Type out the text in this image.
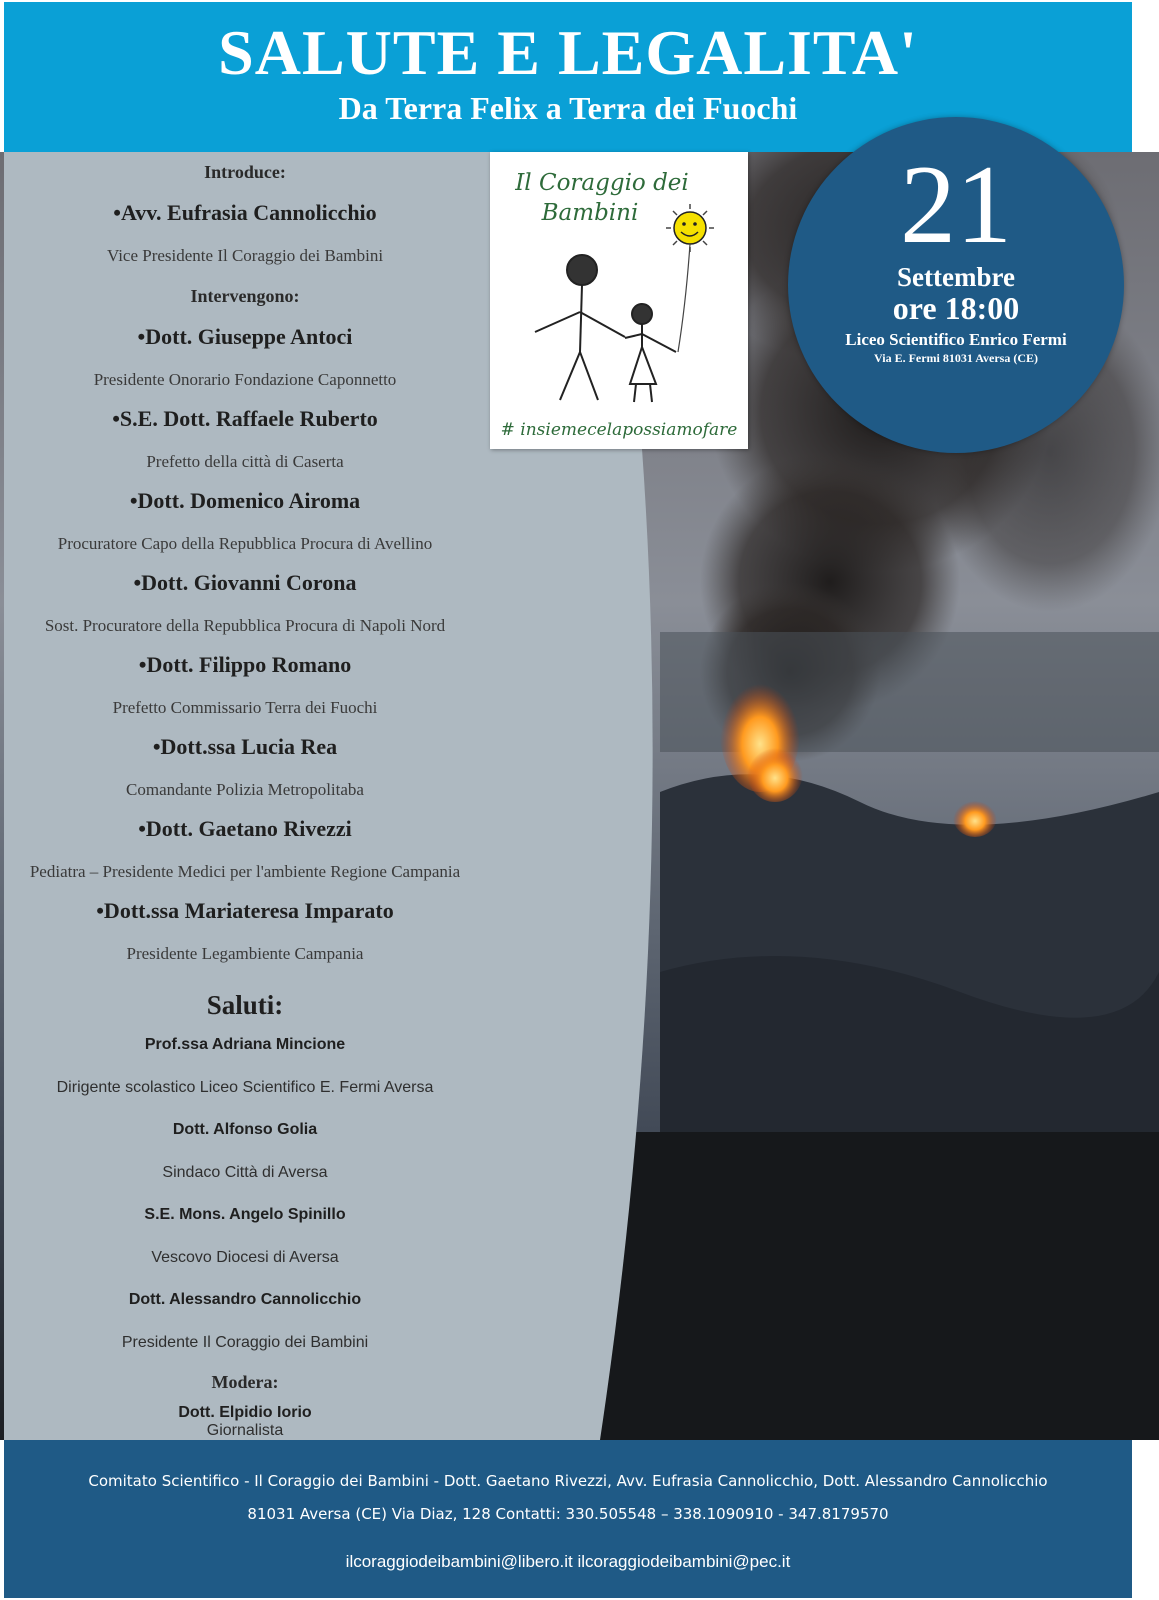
SALUTE E LEGALITA'
Da Terra Felix a Terra dei Fuochi
Il Coraggio dei
Bambini
# insiemecelapossiamofare
21
Settembre
ore 18:00
Liceo Scientifico Enrico Fermi
Via E. Fermi 81031 Aversa (CE)
Introduce:
•Avv. Eufrasia Cannolicchio
Vice Presidente Il Coraggio dei Bambini
Intervengono:
•Dott. Giuseppe Antoci
Presidente Onorario Fondazione Caponnetto
•S.E. Dott. Raffaele Ruberto
Prefetto della città di Caserta
•Dott. Domenico Airoma
Procuratore Capo della Repubblica Procura di Avellino
•Dott. Giovanni Corona
Sost. Procuratore della Repubblica Procura di Napoli Nord
•Dott. Filippo Romano
Prefetto Commissario Terra dei Fuochi
•Dott.ssa Lucia Rea
Comandante Polizia Metropolitaba
•Dott. Gaetano Rivezzi
Pediatra – Presidente Medici per l'ambiente Regione Campania
•Dott.ssa Mariateresa Imparato
Presidente Legambiente Campania
Saluti:
Prof.ssa Adriana Mincione
Dirigente scolastico Liceo Scientifico E. Fermi Aversa
Dott. Alfonso Golia
Sindaco Città di Aversa
S.E. Mons. Angelo Spinillo
Vescovo Diocesi di Aversa
Dott. Alessandro Cannolicchio
Presidente Il Coraggio dei Bambini
Modera:
Dott. Elpidio Iorio
Giornalista
Comitato Scientifico - Il Coraggio dei Bambini - Dott. Gaetano Rivezzi, Avv. Eufrasia Cannolicchio, Dott. Alessandro Cannolicchio
81031 Aversa (CE) Via Diaz, 128 Contatti: 330.505548 – 338.1090910 - 347.8179570
ilcoraggiodeibambini@libero.it ilcoraggiodeibambini@pec.it
